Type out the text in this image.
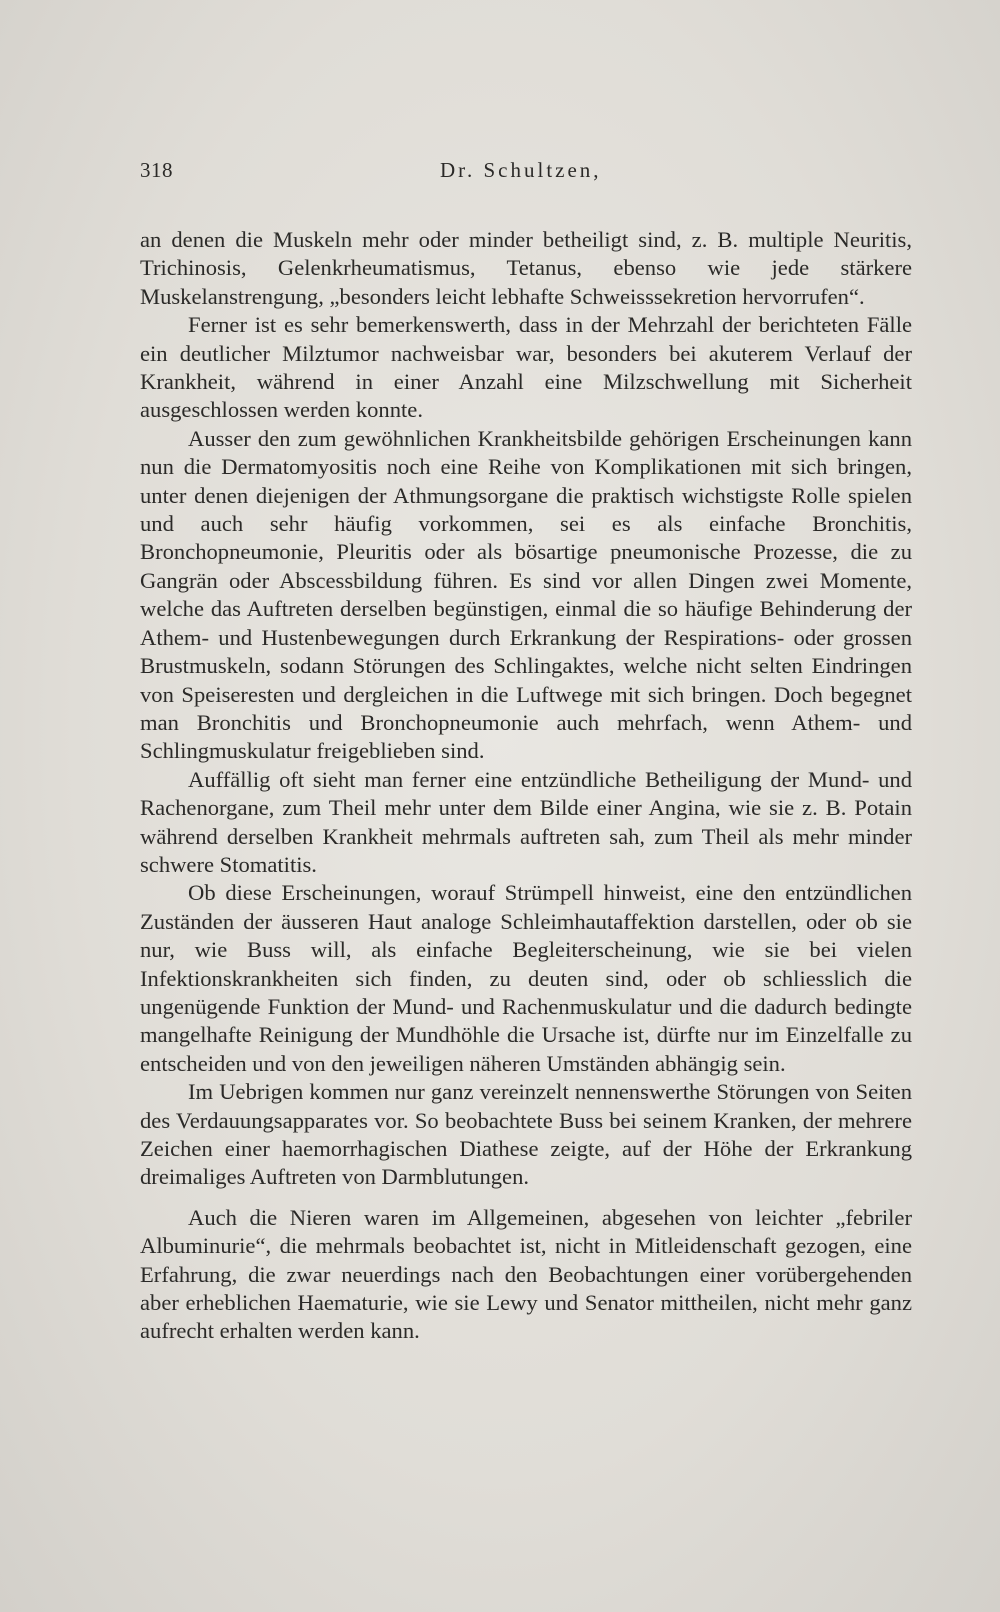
318	Dr. Schultzen,

an denen die Muskeln mehr oder minder betheiligt sind, z. B. multiple Neuritis, Trichinosis, Gelenkrheumatismus, Tetanus, ebenso wie jede stärkere Muskelanstrengung, „besonders leicht lebhafte Schweisssekretion hervorrufen“.

Ferner ist es sehr bemerkenswerth, dass in der Mehrzahl der berichteten Fälle ein deutlicher Milztumor nachweisbar war, besonders bei akuterem Verlauf der Krankheit, während in einer Anzahl eine Milzschwellung mit Sicherheit ausgeschlossen werden konnte.

Ausser den zum gewöhnlichen Krankheitsbilde gehörigen Erscheinungen kann nun die Dermatomyositis noch eine Reihe von Komplikationen mit sich bringen, unter denen diejenigen der Athmungsorgane die praktisch wichstigste Rolle spielen und auch sehr häufig vorkommen, sei es als einfache Bronchitis, Bronchopneumonie, Pleuritis oder als bösartige pneumonische Prozesse, die zu Gangrän oder Abscessbildung führen. Es sind vor allen Dingen zwei Momente, welche das Auftreten derselben begünstigen, einmal die so häufige Behinderung der Athem- und Hustenbewegungen durch Erkrankung der Respirations- oder grossen Brustmuskeln, sodann Störungen des Schlingaktes, welche nicht selten Eindringen von Speiseresten und dergleichen in die Luftwege mit sich bringen. Doch begegnet man Bronchitis und Bronchopneumonie auch mehrfach, wenn Athem- und Schlingmuskulatur freigeblieben sind.

Auffällig oft sieht man ferner eine entzündliche Betheiligung der Mund- und Rachenorgane, zum Theil mehr unter dem Bilde einer Angina, wie sie z. B. Potain während derselben Krankheit mehrmals auftreten sah, zum Theil als mehr minder schwere Stomatitis.

Ob diese Erscheinungen, worauf Strümpell hinweist, eine den entzündlichen Zuständen der äusseren Haut analoge Schleimhautaffektion darstellen, oder ob sie nur, wie Buss will, als einfache Begleiterscheinung, wie sie bei vielen Infektionskrankheiten sich finden, zu deuten sind, oder ob schliesslich die ungenügende Funktion der Mund- und Rachenmuskulatur und die dadurch bedingte mangelhafte Reinigung der Mundhöhle die Ursache ist, dürfte nur im Einzelfalle zu entscheiden und von den jeweiligen näheren Umständen abhängig sein.

Im Uebrigen kommen nur ganz vereinzelt nennenswerthe Störungen von Seiten des Verdauungsapparates vor. So beobachtete Buss bei seinem Kranken, der mehrere Zeichen einer haemorrhagischen Diathese zeigte, auf der Höhe der Erkrankung dreimaliges Auftreten von Darmblutungen.

Auch die Nieren waren im Allgemeinen, abgesehen von leichter „febriler Albuminurie“, die mehrmals beobachtet ist, nicht in Mitleidenschaft gezogen, eine Erfahrung, die zwar neuerdings nach den Beobachtungen einer vorübergehenden aber erheblichen Haematurie, wie sie Lewy und Senator mittheilen, nicht mehr ganz aufrecht erhalten werden kann.
